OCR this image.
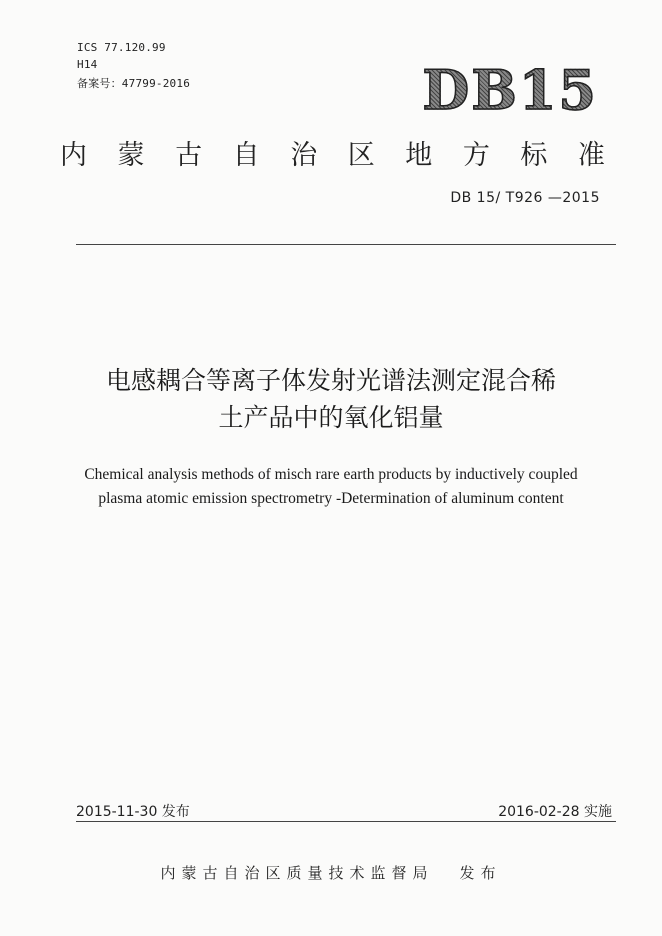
ICS 77.120.99
H14
备案号：47799-2016	DB15
内 蒙 古 自 治 区 地 方 标 准
DB 15/ T926 —2015
电感耦合等离子体发射光谱法测定混合稀
土产品中的氧化铝量
Chemical analysis methods of misch rare earth products by inductively coupled
plasma atomic emission spectrometry -Determination of aluminum content
2015-11-30 发布	2016-02-28 实施
内蒙古自治区质量技术监督局 发布
